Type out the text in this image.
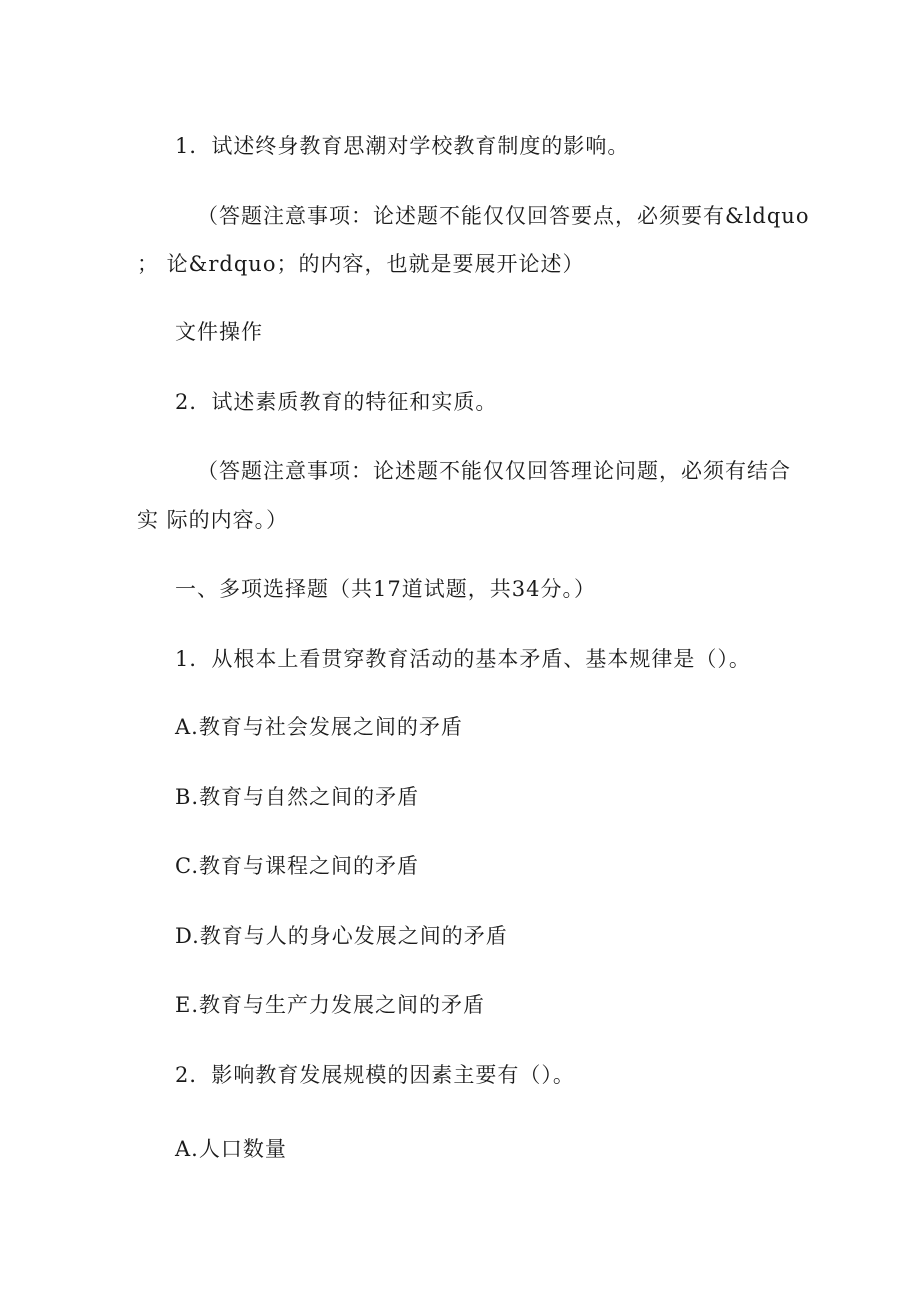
1．试述终身教育思潮对学校教育制度的影响。
（答题注意事项：论述题不能仅仅回答要点，必须要有&ldquo
； 论&rdquo；的内容，也就是要展开论述）
文件操作
2．试述素质教育的特征和实质。
（答题注意事项：论述题不能仅仅回答理论问题，必须有结合
实 际的内容。）
一、多项选择题（共17道试题，共34分。）
1．从根本上看贯穿教育活动的基本矛盾、基本规律是（）。
A.教育与社会发展之间的矛盾
B.教育与自然之间的矛盾
C.教育与课程之间的矛盾
D.教育与人的身心发展之间的矛盾
E.教育与生产力发展之间的矛盾
2．影响教育发展规模的因素主要有（）。
A.人口数量
